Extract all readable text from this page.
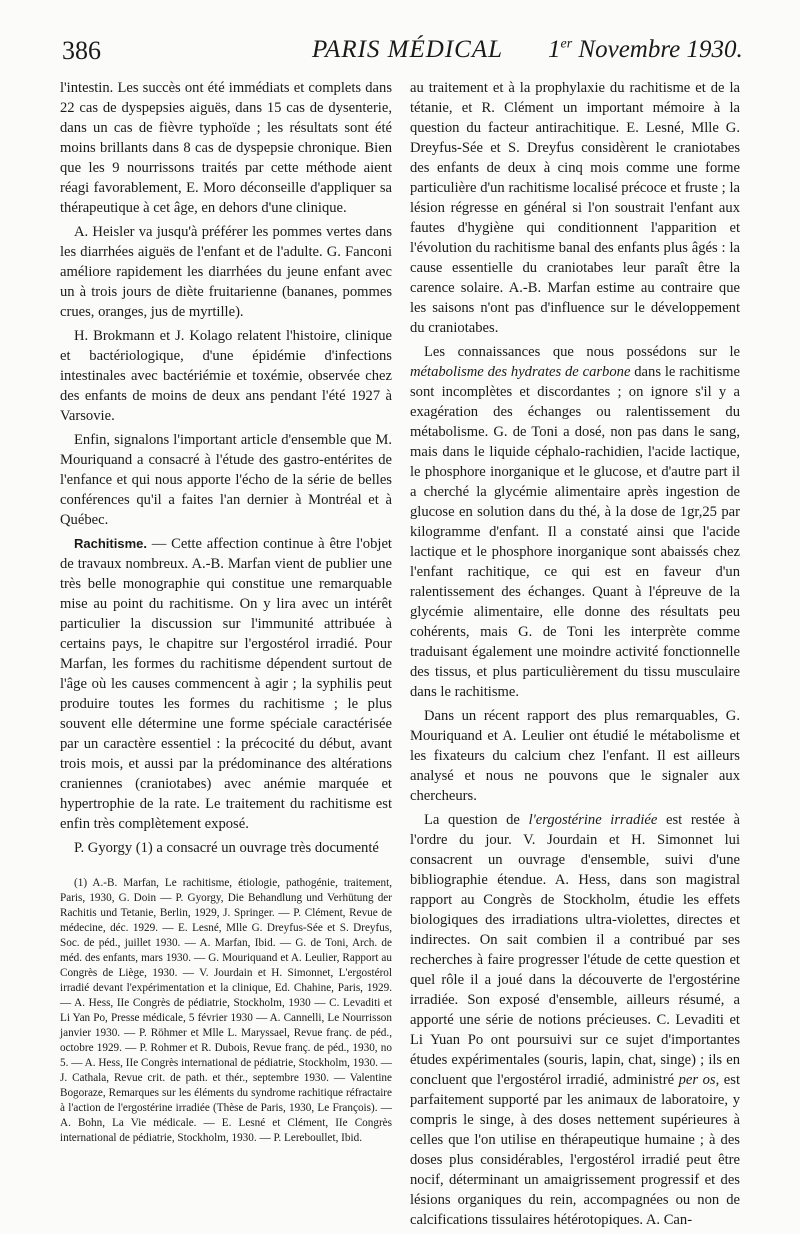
386	PARIS MÉDICAL 1er Novembre 1930.

l'intestin. Les succès ont été immédiats et complets dans 22 cas de dyspepsies aiguës, dans 15 cas de dysenterie, dans un cas de fièvre typhoïde ; les résultats sont été moins brillants dans 8 cas de dyspepsie chronique. Bien que les 9 nourrissons traités par cette méthode aient réagi favorablement, E. Moro déconseille d'appliquer sa thérapeutique à cet âge, en dehors d'une clinique.

A. Heisler va jusqu'à préférer les pommes vertes dans les diarrhées aiguës de l'enfant et de l'adulte. G. Fanconi améliore rapidement les diarrhées du jeune enfant avec un à trois jours de diète fruitarienne (bananes, pommes crues, oranges, jus de myrtille).

H. Brokmann et J. Kolago relatent l'histoire, clinique et bactériologique, d'une épidémie d'infections intestinales avec bactériémie et toxémie, observée chez des enfants de moins de deux ans pendant l'été 1927 à Varsovie.

Enfin, signalons l'important article d'ensemble que M. Mouriquand a consacré à l'étude des gastro-entérites de l'enfance et qui nous apporte l'écho de la série de belles conférences qu'il a faites l'an dernier à Montréal et à Québec.

Rachitisme. — Cette affection continue à être l'objet de travaux nombreux. A.-B. Marfan vient de publier une très belle monographie qui constitue une remarquable mise au point du rachitisme. On y lira avec un intérêt particulier la discussion sur l'immunité attribuée à certains pays, le chapitre sur l'ergostérol irradié. Pour Marfan, les formes du rachitisme dépendent surtout de l'âge où les causes commencent à agir ; la syphilis peut produire toutes les formes du rachitisme ; le plus souvent elle détermine une forme spéciale caractérisée par un caractère essentiel : la précocité du début, avant trois mois, et aussi par la prédominance des altérations craniennes (craniotabes) avec anémie marquée et hypertrophie de la rate. Le traitement du rachitisme est enfin très complètement exposé.

P. Gyorgy (1) a consacré un ouvrage très documenté

(1) A.-B. Marfan, Le rachitisme, étiologie, pathogénie, traitement, Paris, 1930, G. Doin — P. Gyorgy, Die Behandlung und Verhütung der Rachitis und Tetanie, Berlin, 1929, J. Springer. — P. Clément, Revue de médecine, déc. 1929. — E. Lesné, Mlle G. Dreyfus-Sée et S. Dreyfus, Soc. de péd., juillet 1930. — A. Marfan, Ibid. — G. de Toni, Arch. de méd. des enfants, mars 1930. — G. Mouriquand et A. Leulier, Rapport au Congrès de Liège, 1930. — V. Jourdain et H. Simonnet, L'ergostérol irradié devant l'expérimentation et la clinique, Ed. Chahine, Paris, 1929. — A. Hess, IIe Congrès de pédiatrie, Stockholm, 1930 — C. Levaditi et Li Yan Po, Presse médicale, 5 février 1930 — A. Cannelli, Le Nourrisson janvier 1930. — P. Röhmer et Mlle L. Maryssael, Revue franç. de péd., octobre 1929. — P. Rohmer et R. Dubois, Revue franç. de péd., 1930, no 5. — A. Hess, IIe Congrès international de pédiatrie, Stockholm, 1930. — J. Cathala, Revue crit. de path. et thér., septembre 1930. — Valentine Bogoraze, Remarques sur les éléments du syndrome rachitique réfractaire à l'action de l'ergostérine irradiée (Thèse de Paris, 1930, Le François). — A. Bohn, La Vie médicale. — E. Lesné et Clément, IIe Congrès international de pédiatrie, Stockholm, 1930. — P. Lereboullet, Ibid.

au traitement et à la prophylaxie du rachitisme et de la tétanie, et R. Clément un important mémoire à la question du facteur antirachitique. E. Lesné, Mlle G. Dreyfus-Sée et S. Dreyfus considèrent le craniotabes des enfants de deux à cinq mois comme une forme particulière d'un rachitisme localisé précoce et fruste ; la lésion régresse en général si l'on soustrait l'enfant aux fautes d'hygiène qui conditionnent l'apparition et l'évolution du rachitisme banal des enfants plus âgés : la cause essentielle du craniotabes leur paraît être la carence solaire. A.-B. Marfan estime au contraire que les saisons n'ont pas d'influence sur le développement du craniotabes.

Les connaissances que nous possédons sur le métabolisme des hydrates de carbone dans le rachitisme sont incomplètes et discordantes ; on ignore s'il y a exagération des échanges ou ralentissement du métabolisme. G. de Toni a dosé, non pas dans le sang, mais dans le liquide céphalo-rachidien, l'acide lactique, le phosphore inorganique et le glucose, et d'autre part il a cherché la glycémie alimentaire après ingestion de glucose en solution dans du thé, à la dose de 1gr,25 par kilogramme d'enfant. Il a constaté ainsi que l'acide lactique et le phosphore inorganique sont abaissés chez l'enfant rachitique, ce qui est en faveur d'un ralentissement des échanges. Quant à l'épreuve de la glycémie alimentaire, elle donne des résultats peu cohérents, mais G. de Toni les interprète comme traduisant également une moindre activité fonctionnelle des tissus, et plus particulièrement du tissu musculaire dans le rachitisme.

Dans un récent rapport des plus remarquables, G. Mouriquand et A. Leulier ont étudié le métabolisme et les fixateurs du calcium chez l'enfant. Il est ailleurs analysé et nous ne pouvons que le signaler aux chercheurs.

La question de l'ergostérine irradiée est restée à l'ordre du jour. V. Jourdain et H. Simonnet lui consacrent un ouvrage d'ensemble, suivi d'une bibliographie étendue. A. Hess, dans son magistral rapport au Congrès de Stockholm, étudie les effets biologiques des irradiations ultra-violettes, directes et indirectes. On sait combien il a contribué par ses recherches à faire progresser l'étude de cette question et quel rôle il a joué dans la découverte de l'ergostérine irradiée. Son exposé d'ensemble, ailleurs résumé, a apporté une série de notions précieuses. C. Levaditi et Li Yuan Po ont poursuivi sur ce sujet d'importantes études expérimentales (souris, lapin, chat, singe) ; ils en concluent que l'ergostérol irradié, administré per os, est parfaitement supporté par les animaux de laboratoire, y compris le singe, à des doses nettement supérieures à celles que l'on utilise en thérapeutique humaine ; à des doses plus considérables, l'ergostérol irradié peut être nocif, déterminant un amaigrissement progressif et des lésions organiques du rein, accompagnées ou non de calcifications tissulaires hétérotopiques. A. Can-
